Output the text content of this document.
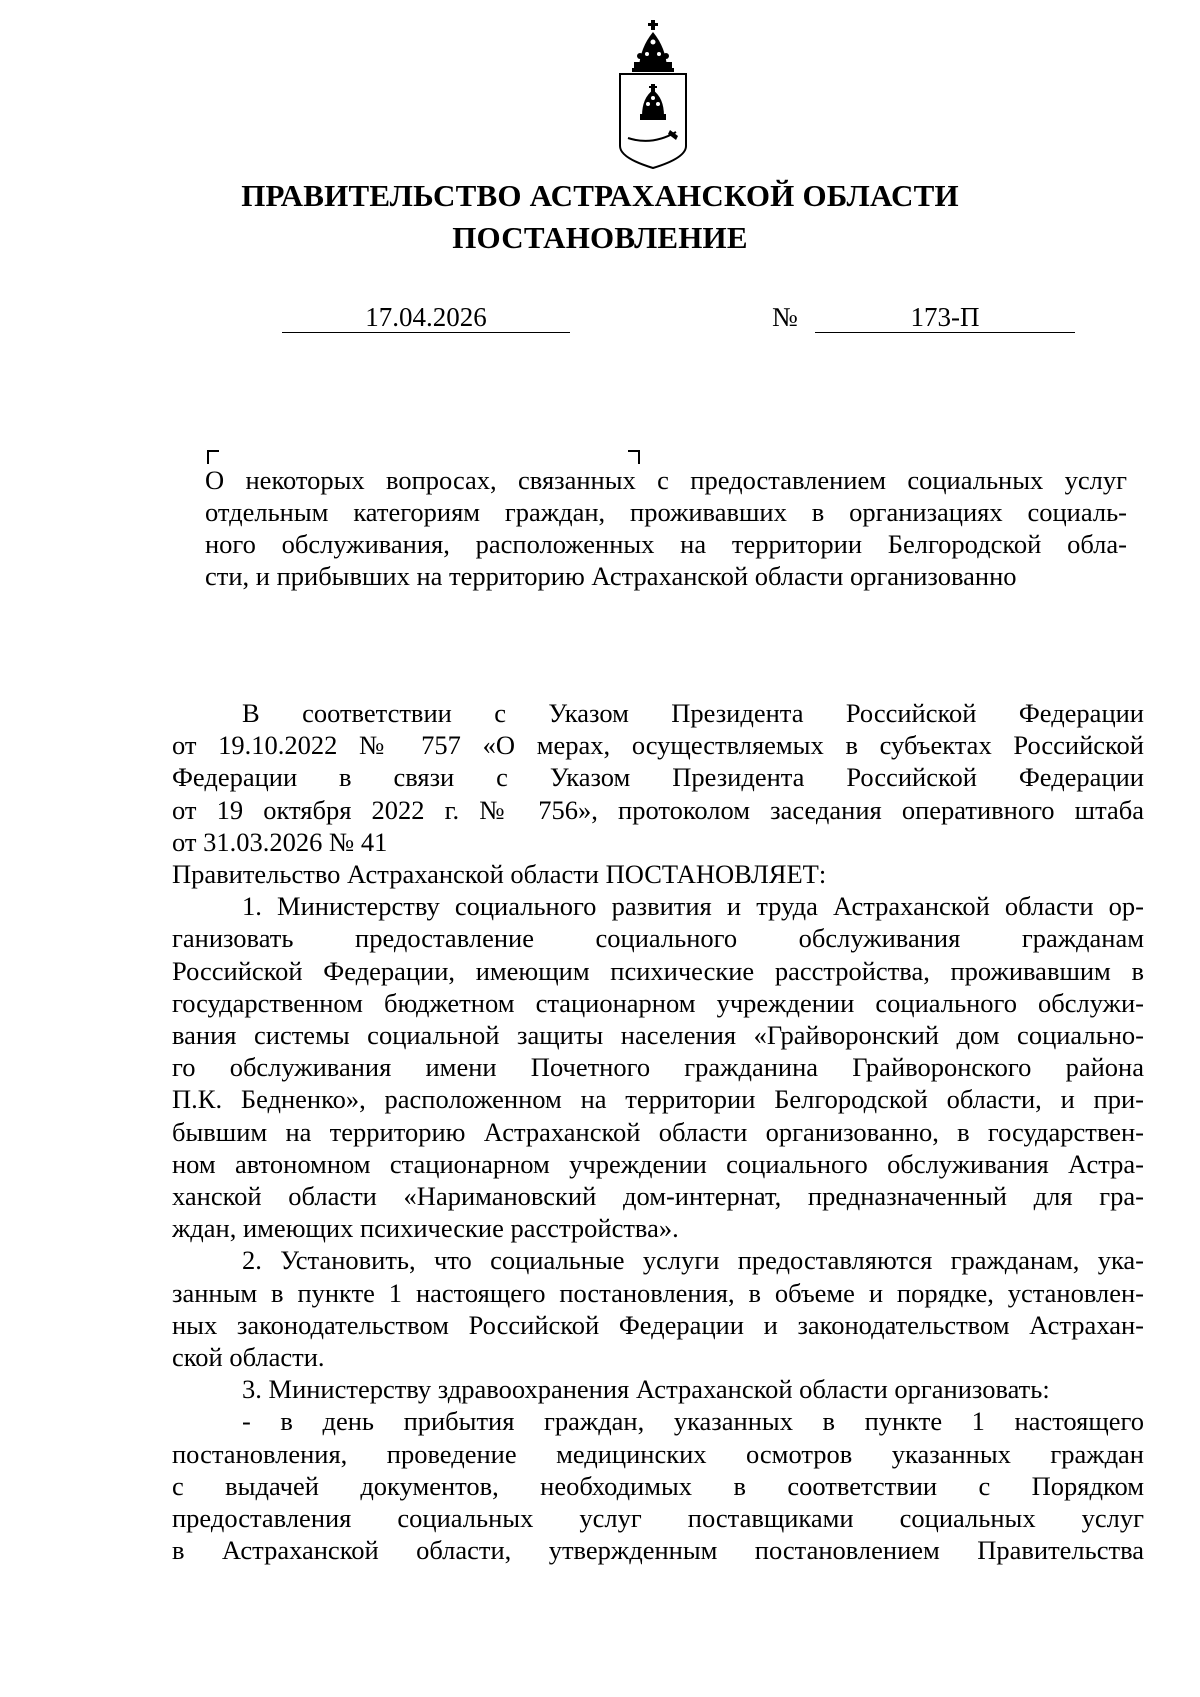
ПРАВИТЕЛЬСТВО АСТРАХАНСКОЙ ОБЛАСТИ
ПОСТАНОВЛЕНИЕ
17.04.2026	№	173-П
О некоторых вопросах, связанных с предоставлением социальных услуг
отдельным категориям граждан, проживавших в организациях социаль-
ного обслуживания, расположенных на территории Белгородской обла-
сти, и прибывших на территорию Астраханской области организованно
В соответствии с Указом Президента Российской Федерации
от 19.10.2022 № 757 «О мерах, осуществляемых в субъектах Российской
Федерации в связи с Указом Президента Российской Федерации
от 19 октября 2022 г. № 756», протоколом заседания оперативного штаба
от 31.03.2026 № 41
Правительство Астраханской области ПОСТАНОВЛЯЕТ:
1. Министерству социального развития и труда Астраханской области ор-
ганизовать предоставление социального обслуживания гражданам
Российской Федерации, имеющим психические расстройства, проживавшим в
государственном бюджетном стационарном учреждении социального обслужи-
вания системы социальной защиты населения «Грайворонский дом социально-
го обслуживания имени Почетного гражданина Грайворонского района
П.К. Бедненко», расположенном на территории Белгородской области, и при-
бывшим на территорию Астраханской области организованно, в государствен-
ном автономном стационарном учреждении социального обслуживания Астра-
ханской области «Наримановский дом-интернат, предназначенный для гра-
ждан, имеющих психические расстройства».
2. Установить, что социальные услуги предоставляются гражданам, ука-
занным в пункте 1 настоящего постановления, в объеме и порядке, установлен-
ных законодательством Российской Федерации и законодательством Астрахан-
ской области.
3. Министерству здравоохранения Астраханской области организовать:
- в день прибытия граждан, указанных в пункте 1 настоящего
постановления, проведение медицинских осмотров указанных граждан
с выдачей документов, необходимых в соответствии с Порядком
предоставления социальных услуг поставщиками социальных услуг
в Астраханской области, утвержденным постановлением Правительства
